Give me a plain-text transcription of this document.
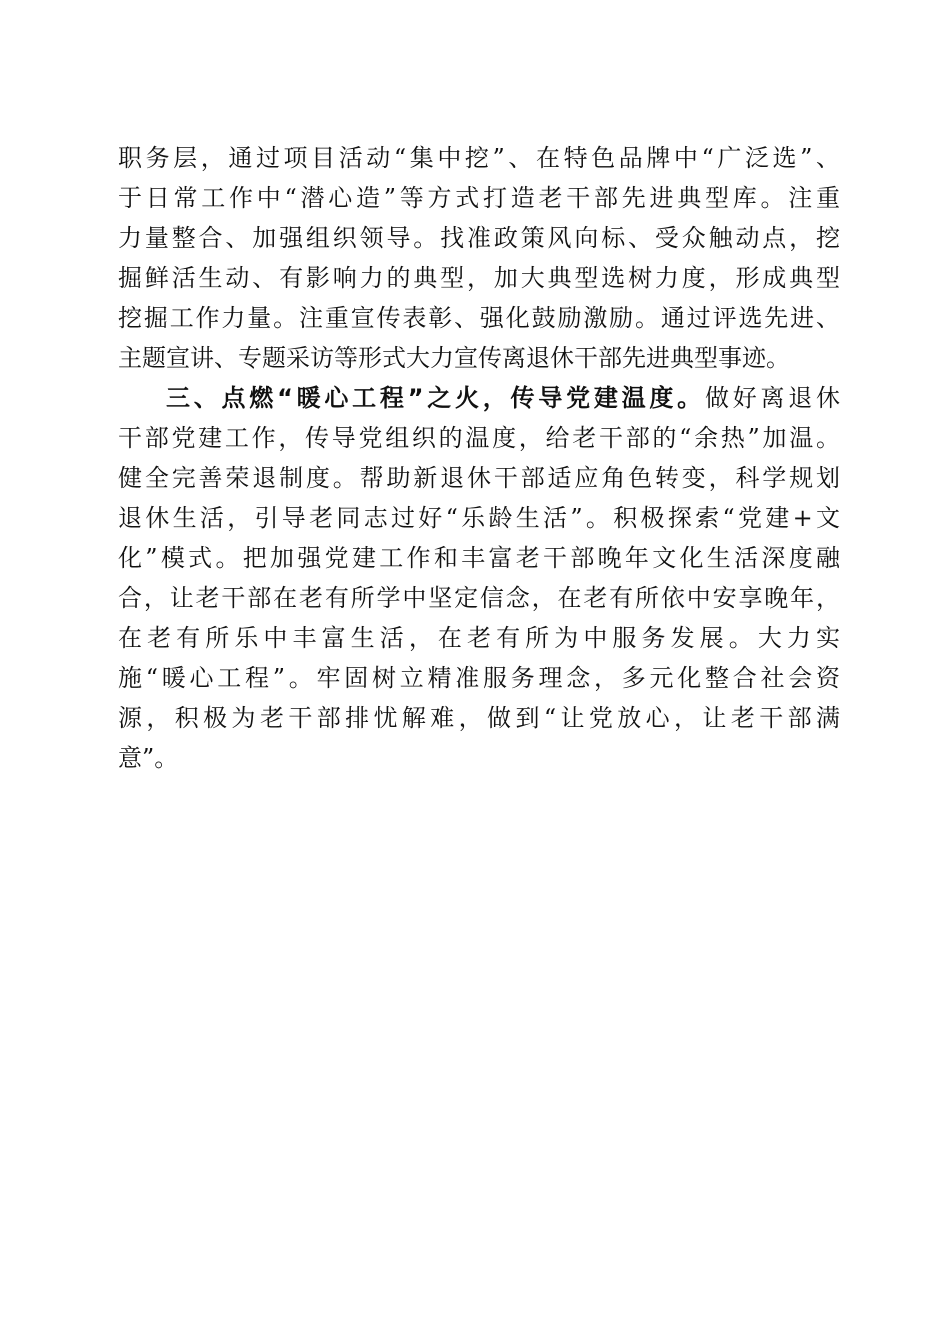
职务层，通过项目活动“集中挖”、在特色品牌中“广泛选”、
于日常工作中“潜心造”等方式打造老干部先进典型库。注重
力量整合、加强组织领导。找准政策风向标、受众触动点，挖
掘鲜活生动、有影响力的典型，加大典型选树力度，形成典型
挖掘工作力量。注重宣传表彰、强化鼓励激励。通过评选先进、
主题宣讲、专题采访等形式大力宣传离退休干部先进典型事迹。
三、点燃“暖心工程”之火，传导党建温度。做好离退休
干部党建工作，传导党组织的温度，给老干部的“余热”加温。
健全完善荣退制度。帮助新退休干部适应角色转变，科学规划
退休生活，引导老同志过好“乐龄生活”。积极探索“党建+文
化”模式。把加强党建工作和丰富老干部晚年文化生活深度融
合，让老干部在老有所学中坚定信念，在老有所依中安享晚年，
在老有所乐中丰富生活，在老有所为中服务发展。大力实
施“暖心工程”。牢固树立精准服务理念，多元化整合社会资
源，积极为老干部排忧解难，做到“让党放心，让老干部满
意”。
